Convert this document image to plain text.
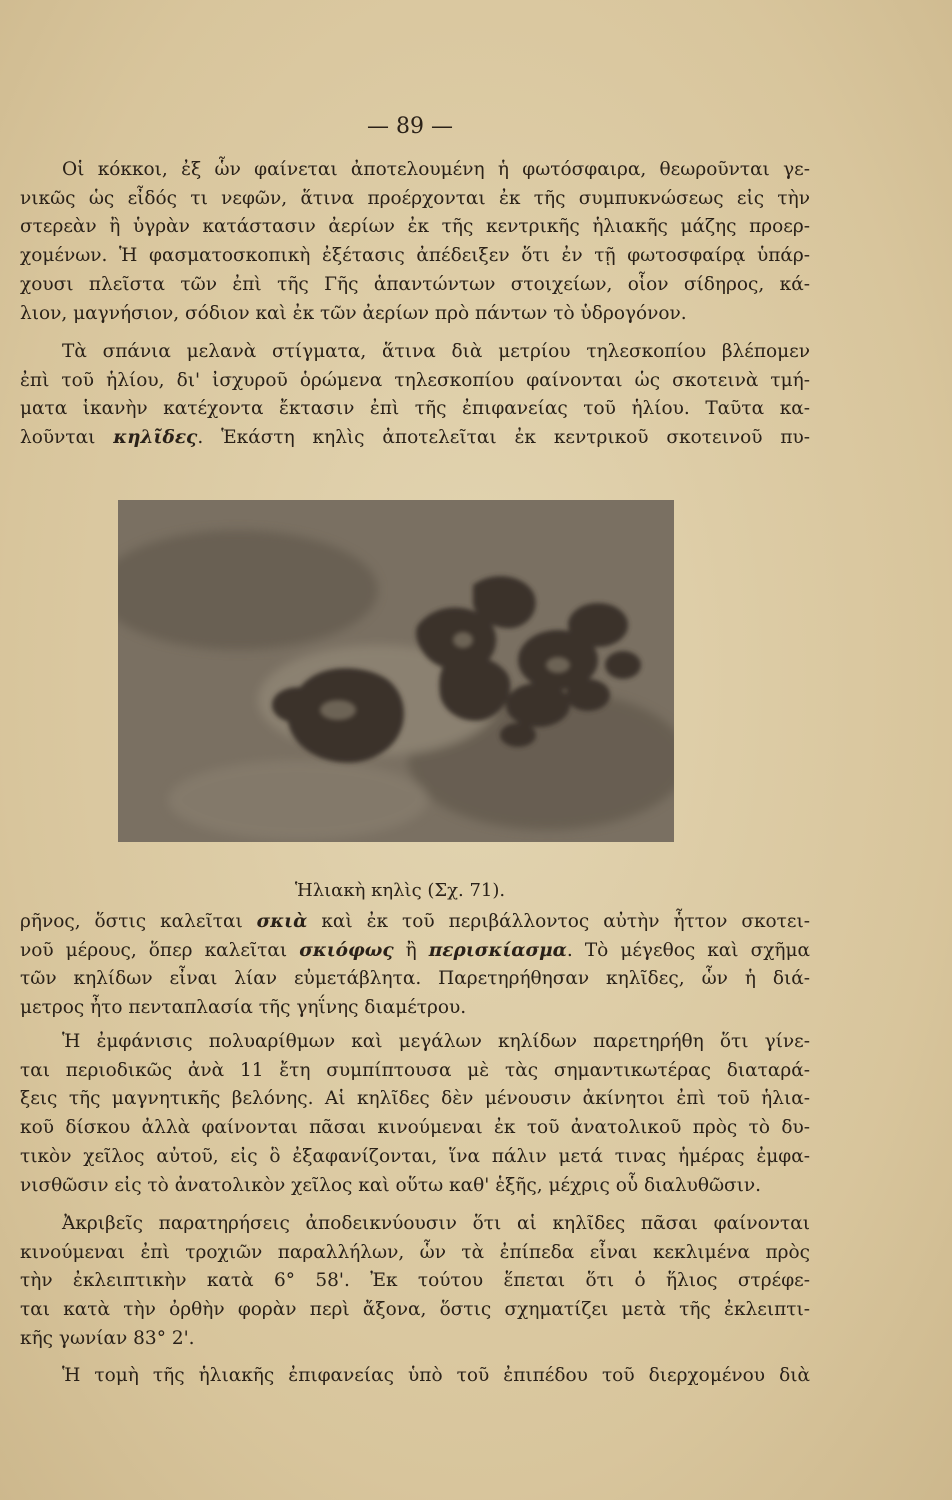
— 89 —

Οἱ κόκκοι, ἐξ ὧν φαίνεται ἀποτελουμένη ἡ φωτόσφαιρα, θεωροῦνται γε-
νικῶς ὡς εἶδός τι νεφῶν, ἅτινα προέρχονται ἐκ τῆς συμπυκνώσεως εἰς τὴν
στερεὰν ἢ ὑγρὰν κατάστασιν ἀερίων ἐκ τῆς κεντρικῆς ἡλιακῆς μάζης προερ-
χομένων. Ἡ φασματοσκοπικὴ ἐξέτασις ἀπέδειξεν ὅτι ἐν τῇ φωτοσφαίρᾳ ὑπάρ-
χουσι πλεῖστα τῶν ἐπὶ τῆς Γῆς ἁπαντώντων στοιχείων, οἷον σίδηρος, κά-
λιον, μαγνήσιον, σόδιον καὶ ἐκ τῶν ἀερίων πρὸ πάντων τὸ ὑδρογόνον.

Τὰ σπάνια μελανὰ στίγματα, ἅτινα διὰ μετρίου τηλεσκοπίου βλέπομεν
ἐπὶ τοῦ ἡλίου, δι' ἰσχυροῦ ὁρώμενα τηλεσκοπίου φαίνονται ὡς σκοτεινὰ τμή-
ματα ἱκανὴν κατέχοντα ἔκτασιν ἐπὶ τῆς ἐπιφανείας τοῦ ἡλίου. Ταῦτα κα-
λοῦνται κηλῖδες. Ἑκάστη κηλὶς ἀποτελεῖται ἐκ κεντρικοῦ σκοτεινοῦ πυ-

Ἡλιακὴ κηλὶς (Σχ. 71).

ρῆνος, ὅστις καλεῖται σκιὰ καὶ ἐκ τοῦ περιβάλλοντος αὐτὴν ἧττον σκοτει-
νοῦ μέρους, ὅπερ καλεῖται σκιόφως ἢ περισκίασμα. Τὸ μέγεθος καὶ σχῆμα
τῶν κηλίδων εἶναι λίαν εὐμετάβλητα. Παρετηρήθησαν κηλῖδες, ὧν ἡ διά-
μετρος ἦτο πενταπλασία τῆς γηΐνης διαμέτρου.

Ἡ ἐμφάνισις πολυαρίθμων καὶ μεγάλων κηλίδων παρετηρήθη ὅτι γίνε-
ται περιοδικῶς ἀνὰ 11 ἔτη συμπίπτουσα μὲ τὰς σημαντικωτέρας διαταρά-
ξεις τῆς μαγνητικῆς βελόνης. Αἱ κηλῖδες δὲν μένουσιν ἀκίνητοι ἐπὶ τοῦ ἡλια-
κοῦ δίσκου ἀλλὰ φαίνονται πᾶσαι κινούμεναι ἐκ τοῦ ἀνατολικοῦ πρὸς τὸ δυ-
τικὸν χεῖλος αὐτοῦ, εἰς ὃ ἐξαφανίζονται, ἵνα πάλιν μετά τινας ἡμέρας ἐμφα-
νισθῶσιν εἰς τὸ ἀνατολικὸν χεῖλος καὶ οὕτω καθ' ἑξῆς, μέχρις οὗ διαλυθῶσιν.

Ἀκριβεῖς παρατηρήσεις ἀποδεικνύουσιν ὅτι αἱ κηλῖδες πᾶσαι φαίνονται
κινούμεναι ἐπὶ τροχιῶν παραλλήλων, ὧν τὰ ἐπίπεδα εἶναι κεκλιμένα πρὸς
τὴν ἐκλειπτικὴν κατὰ 6° 58'. Ἐκ τούτου ἕπεται ὅτι ὁ ἥλιος στρέφε-
ται κατὰ τὴν ὀρθὴν φορὰν περὶ ἄξονα, ὅστις σχηματίζει μετὰ τῆς ἐκλειπτι-
κῆς γωνίαν 83° 2'.

Ἡ τομὴ τῆς ἡλιακῆς ἐπιφανείας ὑπὸ τοῦ ἐπιπέδου τοῦ διερχομένου διὰ
